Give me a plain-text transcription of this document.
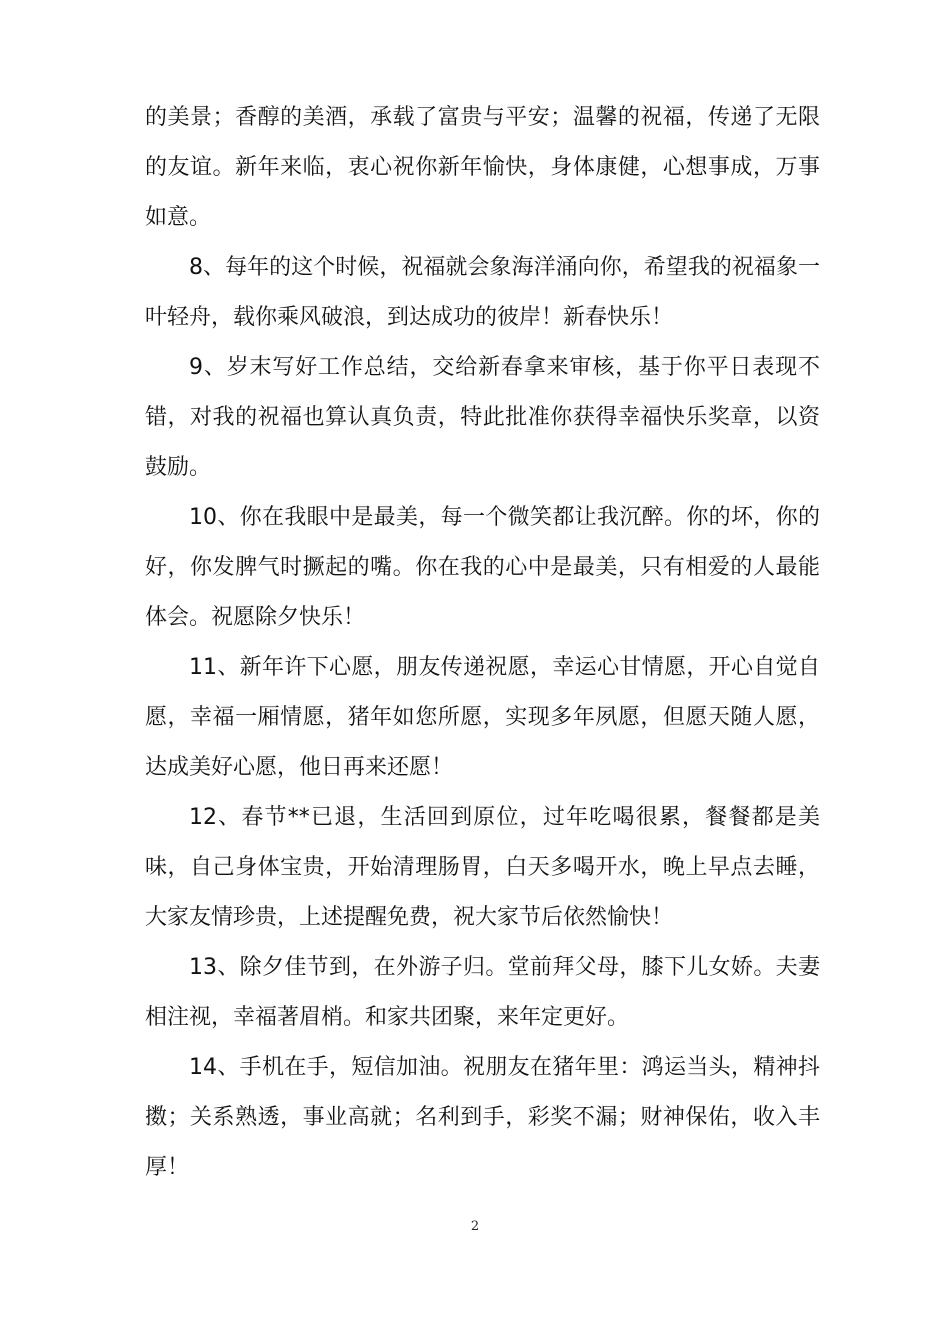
的美景；香醇的美酒，承载了富贵与平安；温馨的祝福，传递了无限的友谊。新年来临，衷心祝你新年愉快，身体康健，心想事成，万事如意。

8、每年的这个时候，祝福就会象海洋涌向你，希望我的祝福象一叶轻舟，载你乘风破浪，到达成功的彼岸！新春快乐！

9、岁末写好工作总结，交给新春拿来审核，基于你平日表现不错，对我的祝福也算认真负责，特此批准你获得幸福快乐奖章，以资鼓励。

10、你在我眼中是最美，每一个微笑都让我沉醉。你的坏，你的好，你发脾气时撅起的嘴。你在我的心中是最美，只有相爱的人最能体会。祝愿除夕快乐！

11、新年许下心愿，朋友传递祝愿，幸运心甘情愿，开心自觉自愿，幸福一厢情愿，猪年如您所愿，实现多年夙愿，但愿天随人愿，达成美好心愿，他日再来还愿！

12、春节**已退，生活回到原位，过年吃喝很累，餐餐都是美味，自己身体宝贵，开始清理肠胃，白天多喝开水，晚上早点去睡，大家友情珍贵，上述提醒免费，祝大家节后依然愉快！

13、除夕佳节到，在外游子归。堂前拜父母，膝下儿女娇。夫妻相注视，幸福著眉梢。和家共团聚，来年定更好。

14、手机在手，短信加油。祝朋友在猪年里：鸿运当头，精神抖擞；关系熟透，事业高就；名利到手，彩奖不漏；财神保佑，收入丰厚！

2
